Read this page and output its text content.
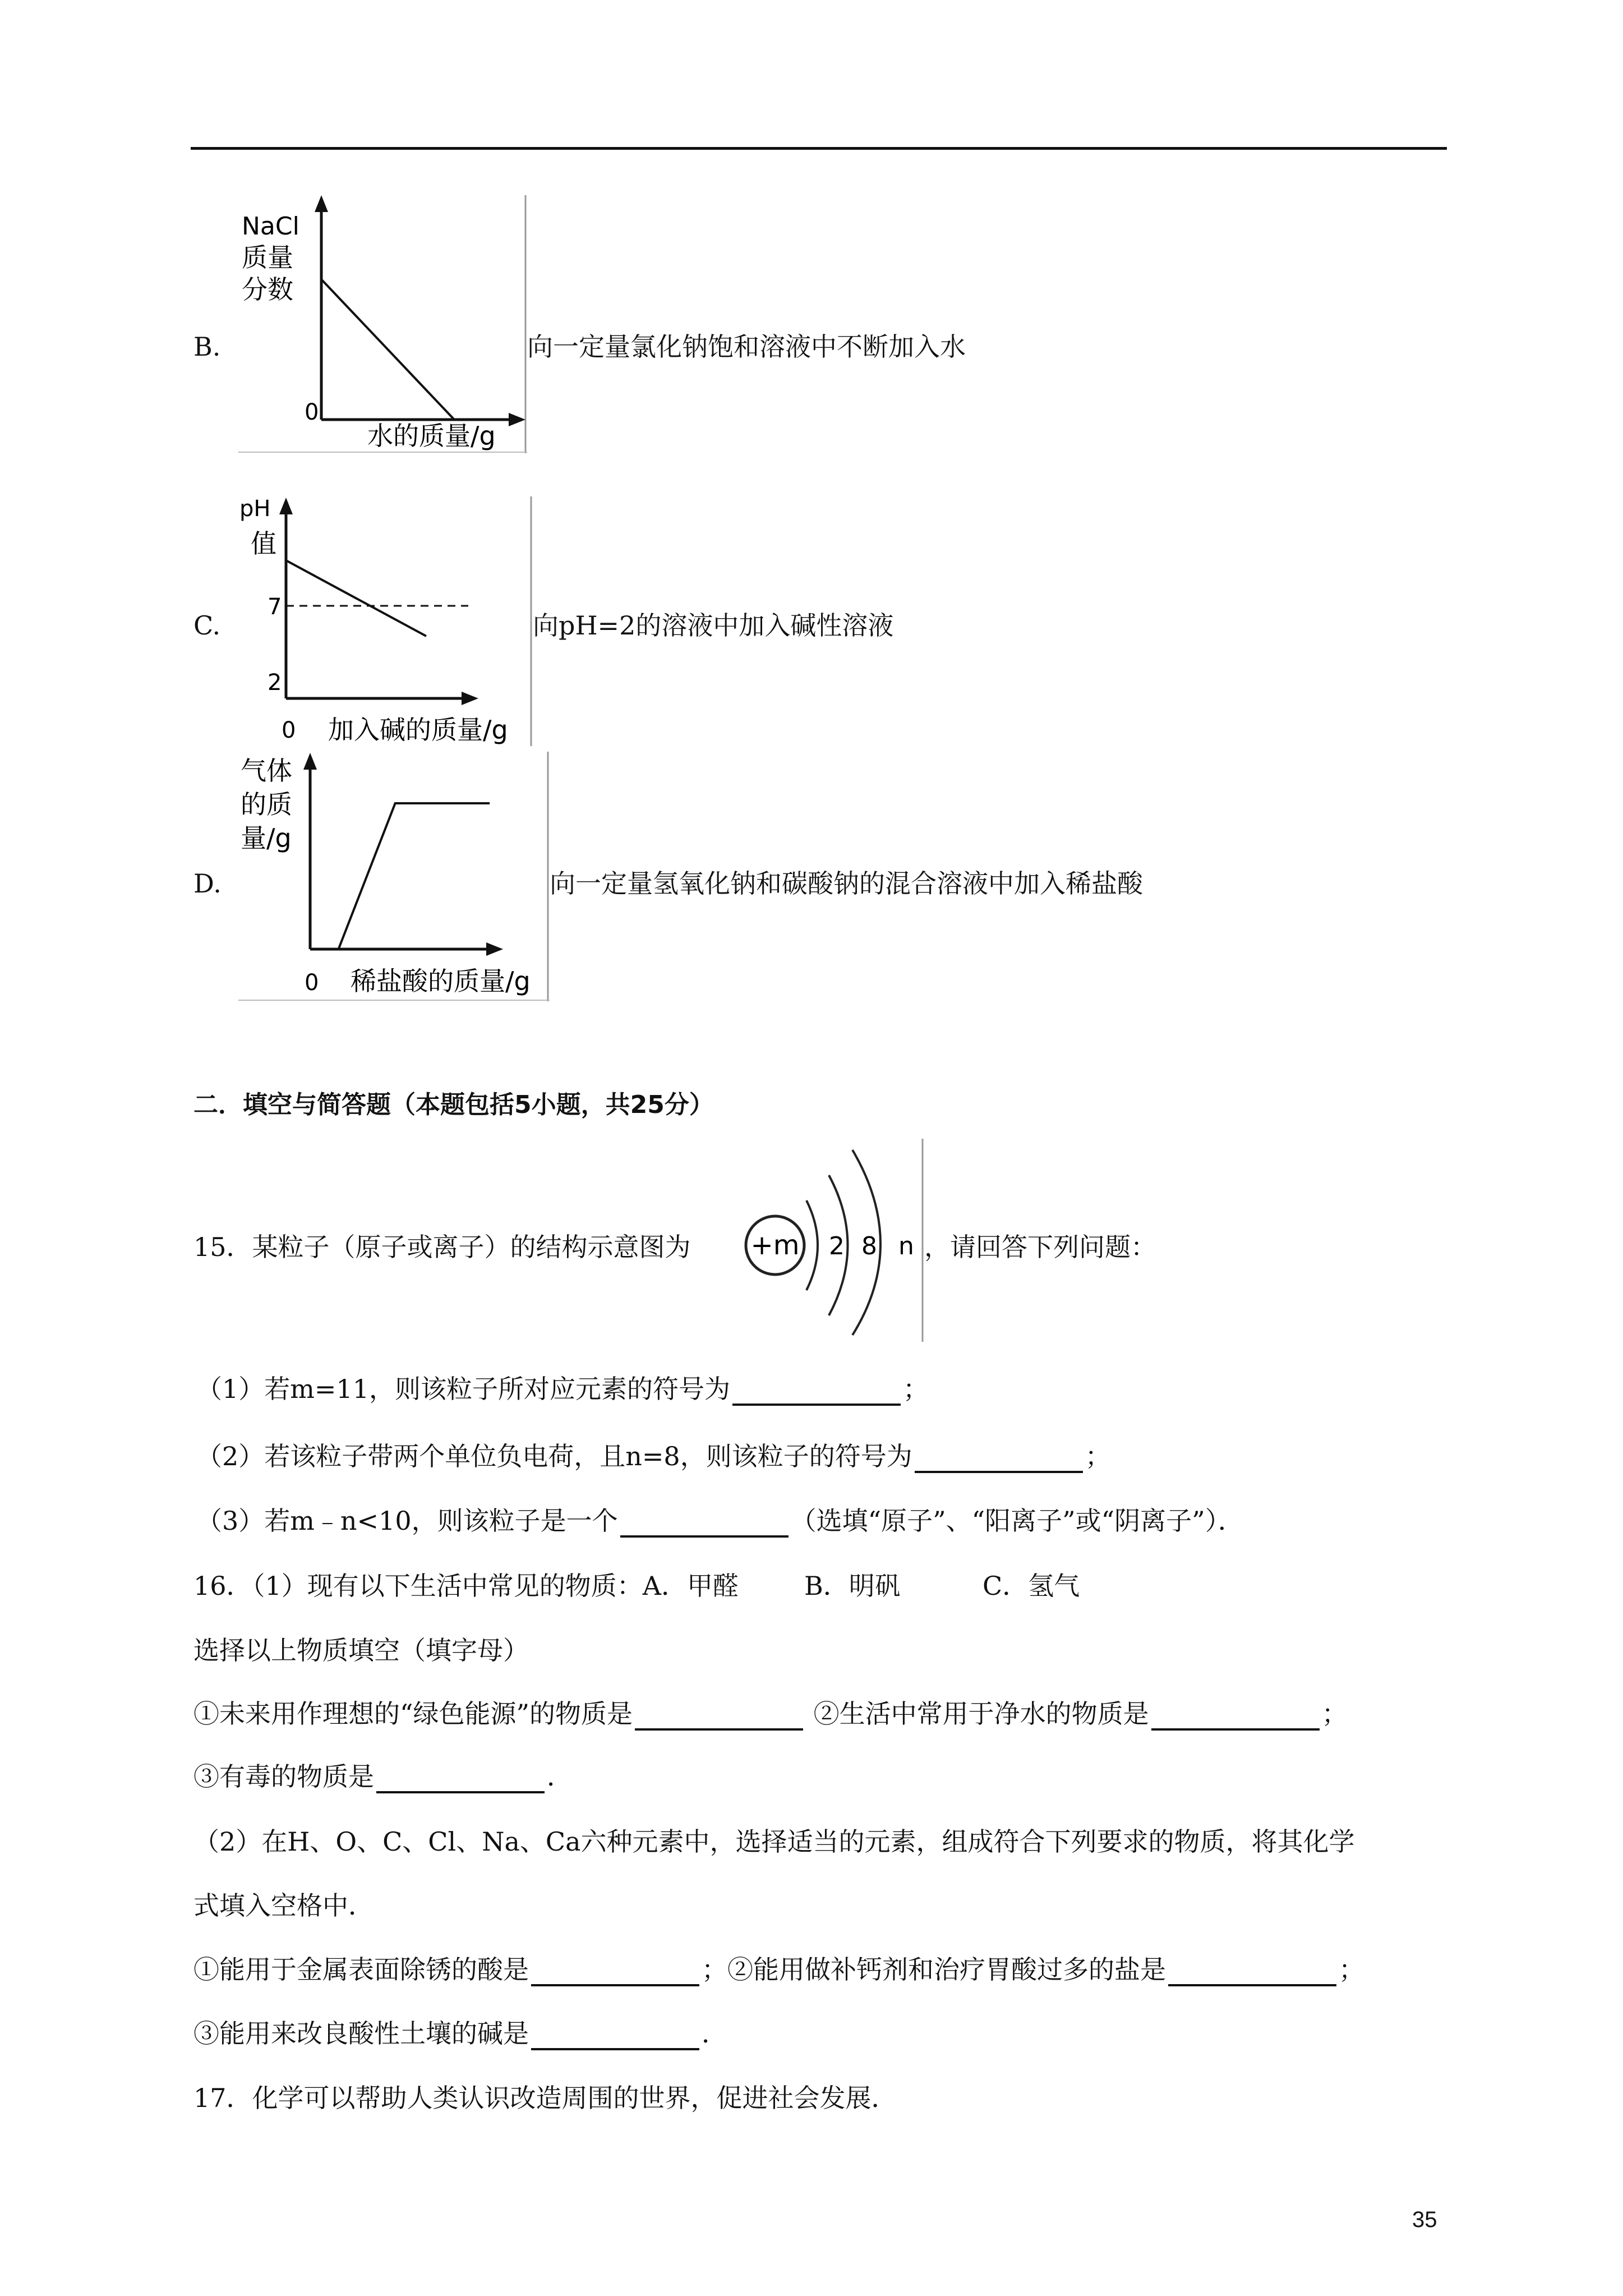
B.
NaCl
质量
分数
0
水的质量/g
向一定量氯化钠饱和溶液中不断加入水
C.
pH
值
7
2
0 加入碱的质量/g
向pH=2的溶液中加入碱性溶液
D.
气体
的质
量/g
0 稀盐酸的质量/g
向一定量氢氧化钠和碳酸钠的混合溶液中加入稀盐酸
二．填空与简答题（本题包括5小题，共25分）
15．某粒子（原子或离子）的结构示意图为 +m 2 8 n ，请回答下列问题：
（1）若m=11，则该粒子所对应元素的符号为	；
（2）若该粒子带两个单位负电荷，且n=8，则该粒子的符号为	；
（3）若m﹣n<10，则该粒子是一个	（选填“原子”、“阳离子”或“阴离子”）．
16．（1）现有以下生活中常见的物质：A．甲醛        B．明矾          C．氢气
选择以上物质填空（填字母）
①未来用作理想的“绿色能源”的物质是	②生活中常用于净水的物质是	；
③有毒的物质是	．
（2）在H、O、C、Cl、Na、Ca六种元素中，选择适当的元素，组成符合下列要求的物质，将其化学
式填入空格中．
①能用于金属表面除锈的酸是	；②能用做补钙剂和治疗胃酸过多的盐是	；
③能用来改良酸性土壤的碱是	．
17．化学可以帮助人类认识改造周围的世界，促进社会发展．
35
